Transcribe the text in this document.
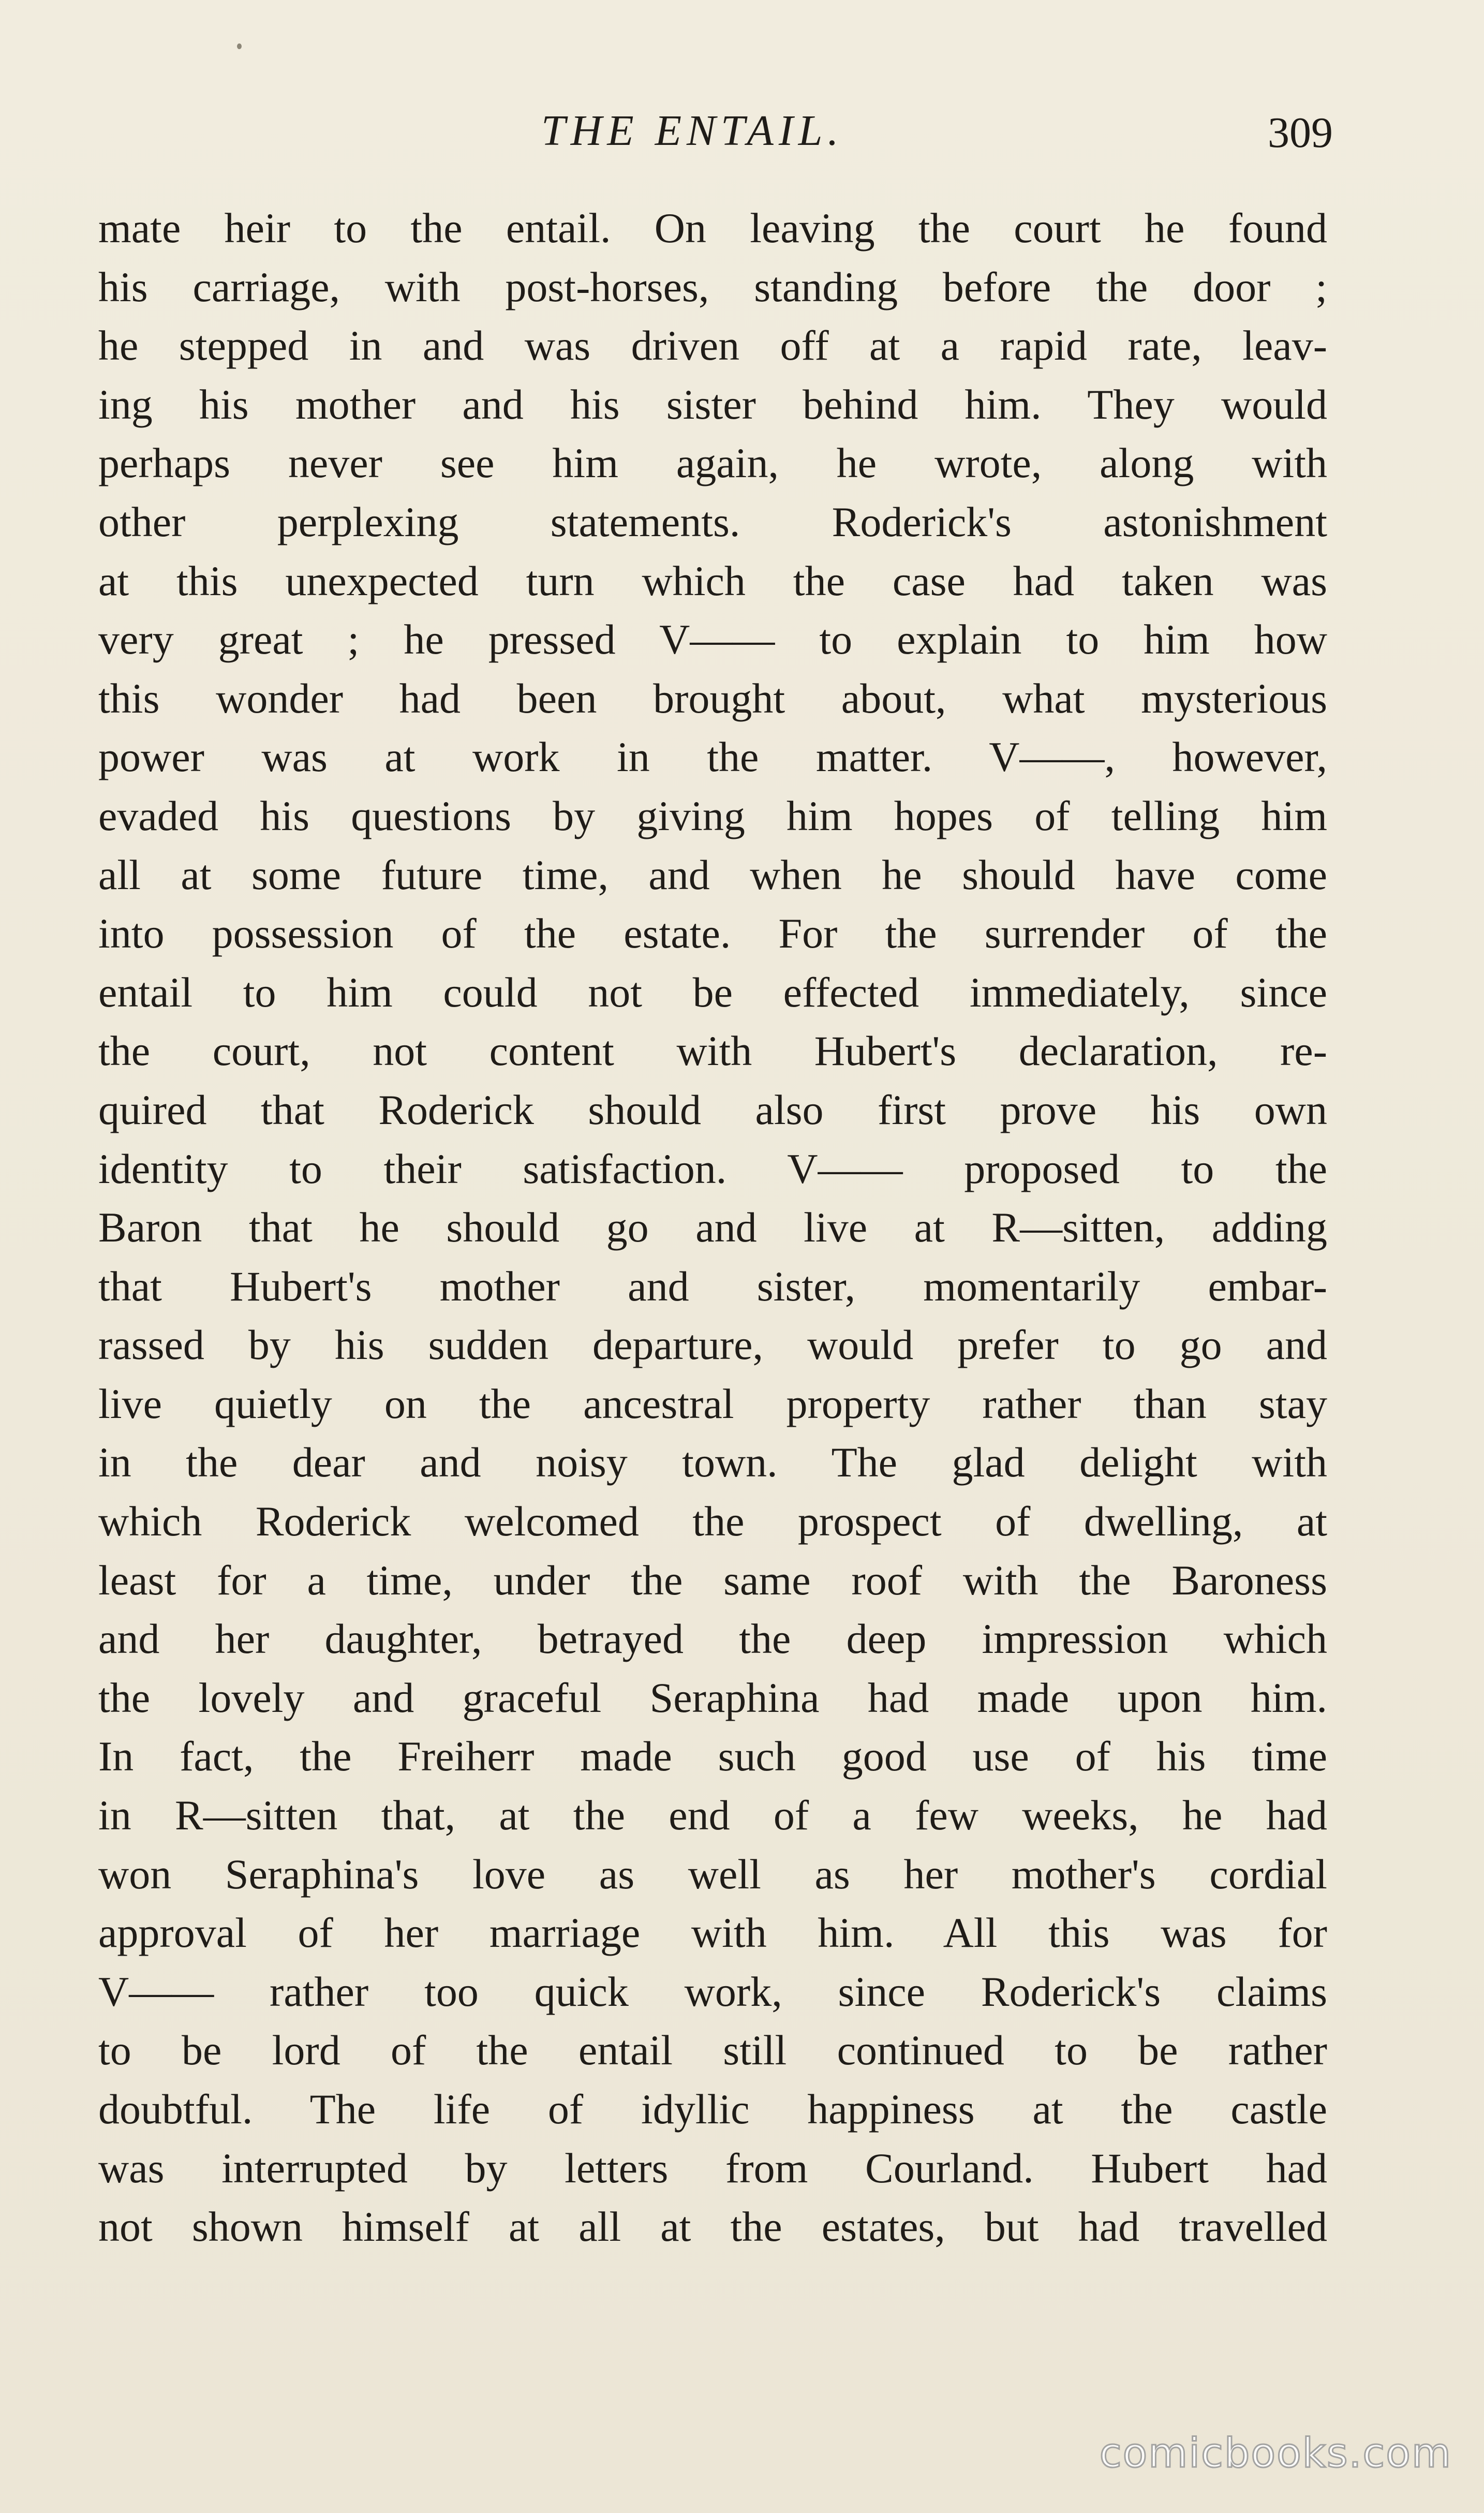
THE ENTAIL.	309
mate heir to the entail. On leaving the court he found
his carriage, with post-horses, standing before the door ;
he stepped in and was driven off at a rapid rate, leav-
ing his mother and his sister behind him. They would
perhaps never see him again, he wrote, along with
other perplexing statements. Roderick's astonishment
at this unexpected turn which the case had taken was
very great ; he pressed V—— to explain to him how
this wonder had been brought about, what mysterious
power was at work in the matter. V——, however,
evaded his questions by giving him hopes of telling him
all at some future time, and when he should have come
into possession of the estate. For the surrender of the
entail to him could not be effected immediately, since
the court, not content with Hubert's declaration, re-
quired that Roderick should also first prove his own
identity to their satisfaction. V—— proposed to the
Baron that he should go and live at R—sitten, adding
that Hubert's mother and sister, momentarily embar-
rassed by his sudden departure, would prefer to go and
live quietly on the ancestral property rather than stay
in the dear and noisy town. The glad delight with
which Roderick welcomed the prospect of dwelling, at
least for a time, under the same roof with the Baroness
and her daughter, betrayed the deep impression which
the lovely and graceful Seraphina had made upon him.
In fact, the Freiherr made such good use of his time
in R—sitten that, at the end of a few weeks, he had
won Seraphina's love as well as her mother's cordial
approval of her marriage with him. All this was for
V—— rather too quick work, since Roderick's claims
to be lord of the entail still continued to be rather
doubtful. The life of idyllic happiness at the castle
was interrupted by letters from Courland. Hubert had
not shown himself at all at the estates, but had travelled
comicbooks.com
